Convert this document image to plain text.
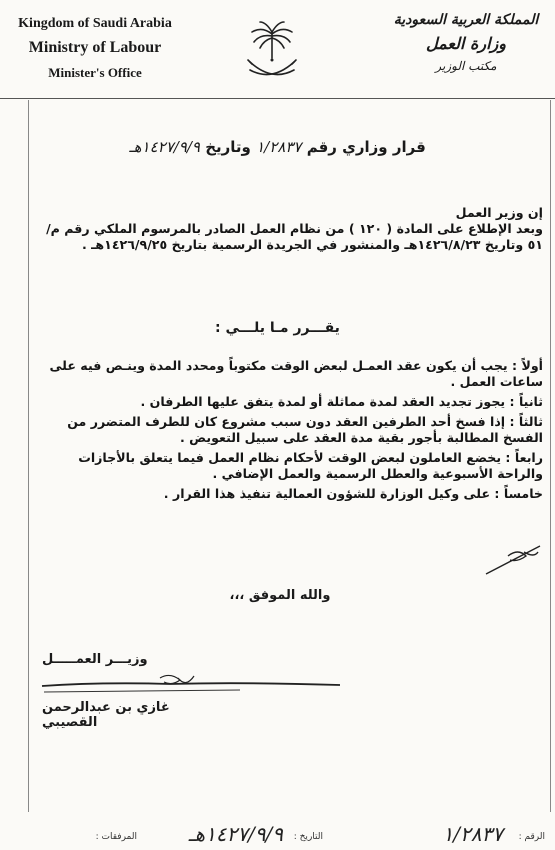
Kingdom of Saudi Arabia
Ministry of Labour
Minister's Office
المملكة العربية السعودية
وزارة العمل
مكتب الوزير
قرار وزاري رقم ١/٢٨٣٧ وتاريخ ١٤٢٧/٩/٩هـ

إن وزير العمل

وبعد الإطلاع على المادة ( ١٢٠ ) من نظام العمل الصادر بالمرسوم الملكي رقم م/٥١ وتاريخ ١٤٢٦/٨/٢٣هـ والمنشور في الجريدة الرسمية بتاريخ ١٤٢٦/٩/٢٥هـ .

يقـــرر مـا يلـــي :

أولاً : يجب أن يكون عقد العمـل لبعض الوقت مكتوباً ومحدد المدة وينـص فيه على ساعات العمل .

ثانياً : يجوز تجديد العقد لمدة مماثلة أو لمدة يتفق عليها الطرفان .

ثالثاً : إذا فسخ أحد الطرفين العقد دون سبب مشروع كان للطرف المتضرر من الفسخ المطالبة بأجور بقية مدة العقد على سبيل التعويض .

رابعاً : يخضع العاملون لبعض الوقت لأحكام نظام العمل فيما يتعلق بالأجازات والراحة الأسبوعية والعطل الرسمية والعمل الإضافي .

خامساً : على وكيل الوزارة للشؤون العمالية تنفيذ هذا القرار .

والله الموفق ،،،
وزيـــر العمـــــل
غازي بن عبدالرحمن القصيبي
الرقم :
١/٢٨٣٧
التاريخ :
١٤٢٧/٩/٩هـ
المرفقات :
